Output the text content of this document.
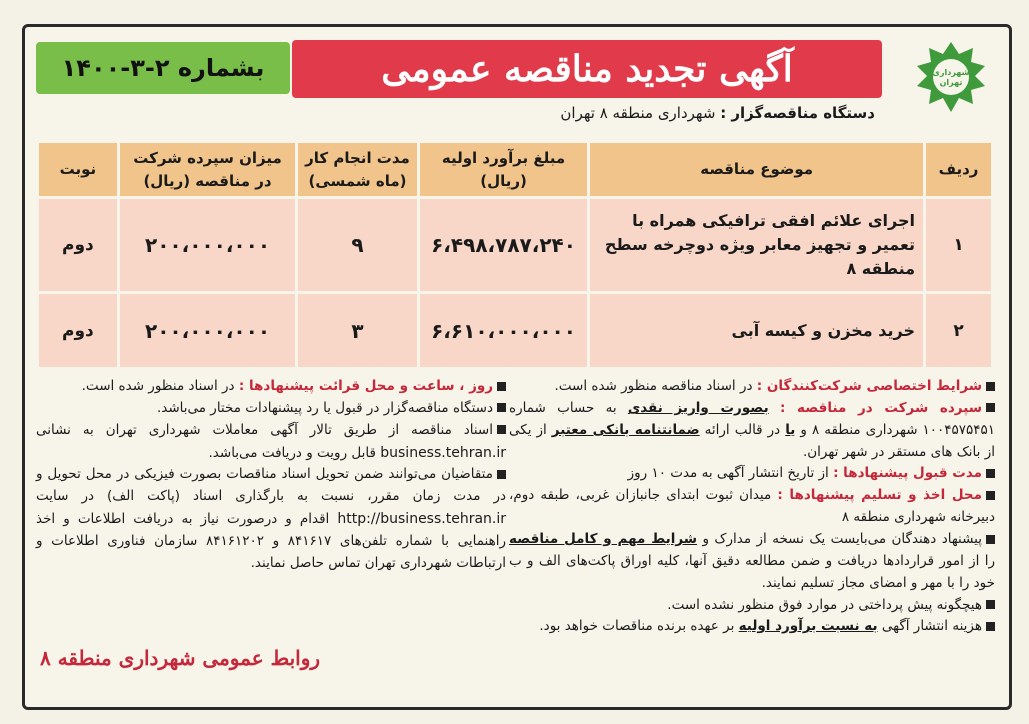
شهرداری
تهران
آگهی تجدید مناقصه عمومی
بشماره ۲-۳-۱۴۰۰
دستگاه مناقصه‌گزار : شهرداری منطقه ۸ تهران
ردیف	موضوع مناقصه	مبلغ برآورد اولیه (ریال)	مدت انجام کار (ماه شمسی)	میزان سپرده شرکت در مناقصه (ریال)	نوبت
۱	اجرای علائم افقی ترافیکی همراه با تعمیر و تجهیز معابر ویژه دوچرخه سطح منطقه ۸	۶،۴۹۸،۷۸۷،۲۴۰	۹	۲۰۰،۰۰۰،۰۰۰	دوم
۲	خرید مخزن و کیسه آبی	۶،۶۱۰،۰۰۰،۰۰۰	۳	۲۰۰،۰۰۰،۰۰۰	دوم

شرایط اختصاصی شرکت‌کنندگان : در اسناد مناقصه منظور شده است.

سپرده شرکت در مناقصه : بصورت واریز نقدی به حساب شماره ۱۰۰۴۵۷۵۴۵۱ شهرداری منطقه ۸ و یا در قالب ارائه ضمانتنامه بانکی معتبر از یکی از بانک های مستقر در شهر تهران.

مدت قبول پیشنهادها : از تاریخ انتشار آگهی به مدت ۱۰ روز

محل اخذ و تسلیم پیشنهادها : میدان ثبوت ابتدای جانبازان غربی، طبقه دوم، دبیرخانه شهرداری منطقه ۸

پیشنهاد دهندگان می‌بایست یک نسخه از مدارک و شرایط مهم و کامل مناقصه را از امور قراردادها دریافت و ضمن مطالعه دقیق آنها، کلیه اوراق پاکت‌های الف و ب خود را با مهر و امضای مجاز تسلیم نمایند.

هیچگونه پیش پرداختی در موارد فوق منظور نشده است.

هزینه انتشار آگهی به نسبت برآورد اولیه بر عهده برنده مناقصات خواهد بود.

روز ، ساعت و محل قرائت پیشنهادها : در اسناد منظور شده است.

دستگاه مناقصه‌گزار در قبول یا رد پیشنهادات مختار می‌باشد.

اسناد مناقصه از طریق تالار آگهی معاملات شهرداری تهران به نشانی business.tehran.ir قابل رویت و دریافت می‌باشد.

متقاضیان می‌توانند ضمن تحویل اسناد مناقصات بصورت فیزیکی در محل تحویل و در مدت زمان مقرر، نسبت به بارگذاری اسناد (پاکت الف) در سایت http://business.tehran.ir اقدام و درصورت نیاز به دریافت اطلاعات و اخذ راهنمایی با شماره تلفن‌های ۸۴۱۶۱۷ و ۸۴۱۶۱۲۰۲ سازمان فناوری اطلاعات و ارتباطات شهرداری تهران تماس حاصل نمایند.

روابط عمومی شهرداری منطقه ۸
